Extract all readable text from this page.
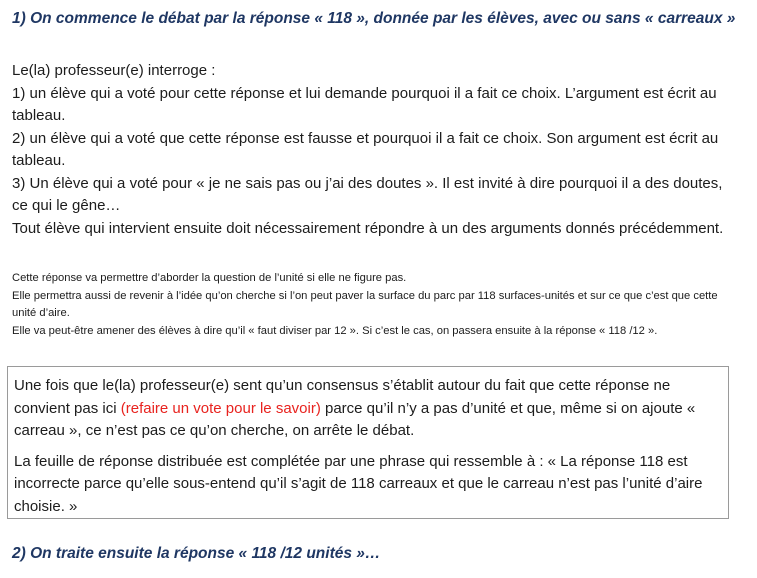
1) On commence le débat par la réponse « 118 », donnée par les élèves, avec ou sans « carreaux »

Le(la) professeur(e) interroge :

1) un élève qui a voté pour cette réponse et lui demande pourquoi il a fait ce choix. L’argument est écrit au tableau.

2) un élève qui a voté que cette réponse est fausse et pourquoi il a fait ce choix. Son argument est écrit au tableau.

3) Un élève qui a voté pour « je ne sais pas ou j’ai des doutes ». Il est invité à dire pourquoi il a des doutes, ce qui le gêne…

Tout élève qui intervient ensuite doit nécessairement répondre à un des arguments donnés précédemment.

Cette réponse va permettre d’aborder la question de l’unité si elle ne figure pas.

Elle permettra aussi de revenir à l’idée qu’on cherche si l’on peut paver la surface du parc par 118 surfaces-unités et sur ce que c’est que cette unité d’aire.

Elle va peut-être amener des élèves à dire qu’il « faut diviser par 12 ». Si c’est le cas, on passera ensuite à la réponse « 118 /12 ».

Une fois que le(la) professeur(e) sent qu’un consensus s’établit autour du fait que cette réponse ne convient pas ici (refaire un vote pour le savoir) parce qu’il n’y a pas d’unité et que, même si on ajoute « carreau », ce n’est pas ce qu’on cherche, on arrête le débat.

La feuille de réponse distribuée est complétée par une phrase qui ressemble à : « La réponse 118 est incorrecte parce qu’elle sous-entend qu’il s’agit de 118 carreaux et que le carreau n’est pas l’unité d’aire choisie. »

2) On traite ensuite la réponse « 118 /12 unités »…
